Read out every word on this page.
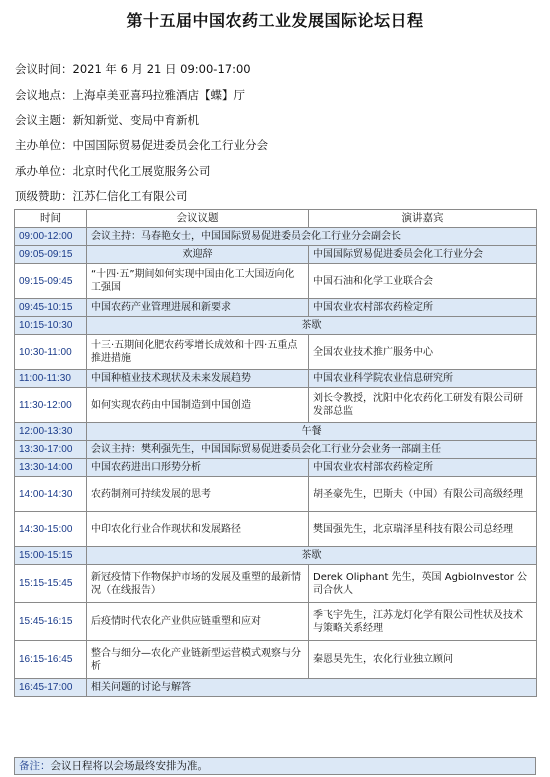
第十五届中国农药工业发展国际论坛日程
会议时间：2021 年 6 月 21 日 09:00-17:00
会议地点：上海卓美亚喜玛拉雅酒店【蝶】厅
会议主题：新知新觉、变局中育新机
主办单位：中国国际贸易促进委员会化工行业分会
承办单位：北京时代化工展览服务公司
顶级赞助：江苏仁信化工有限公司
时间	会议议题	演讲嘉宾
09:00-12:00	会议主持：马春艳女士，中国国际贸易促进委员会化工行业分会副会长	
09:05-09:15	欢迎辞	中国国际贸易促进委员会化工行业分会
09:15-09:45	“十四·五”期间如何实现中国由化工大国迈向化工强国	中国石油和化学工业联合会
09:45-10:15	中国农药产业管理进展和新要求	中国农业农村部农药检定所
10:15-10:30	茶歇	
10:30-11:00	十三·五期间化肥农药零增长成效和十四·五重点推进措施	全国农业技术推广服务中心
11:00-11:30	中国种植业技术现状及未来发展趋势	中国农业科学院农业信息研究所
11:30-12:00	如何实现农药由中国制造到中国创造	刘长令教授，沈阳中化农药化工研发有限公司研发部总监
12:00-13:30	午餐	
13:30-17:00	会议主持：樊利强先生，中国国际贸易促进委员会化工行业分会业务一部副主任	
13:30-14:00	中国农药进出口形势分析	中国农业农村部农药检定所
14:00-14:30	农药制剂可持续发展的思考	胡圣豪先生，巴斯夫（中国）有限公司高级经理
14:30-15:00	中印农化行业合作现状和发展路径	樊国强先生，北京瑞泽星科技有限公司总经理
15:00-15:15	茶歇	
15:15-15:45	新冠疫情下作物保护市场的发展及重塑的最新情况（在线报告）	Derek Oliphant 先生，英国 AgbioInvestor 公司合伙人
15:45-16:15	后疫情时代农化产业供应链重塑和应对	季飞宇先生，江苏龙灯化学有限公司性状及技术与策略关系经理
16:15-16:45	整合与细分—农化产业链新型运营模式观察与分析	秦恩昊先生，农化行业独立顾问
16:45-17:00	相关问题的讨论与解答	
备注：会议日程将以会场最终安排为准。
